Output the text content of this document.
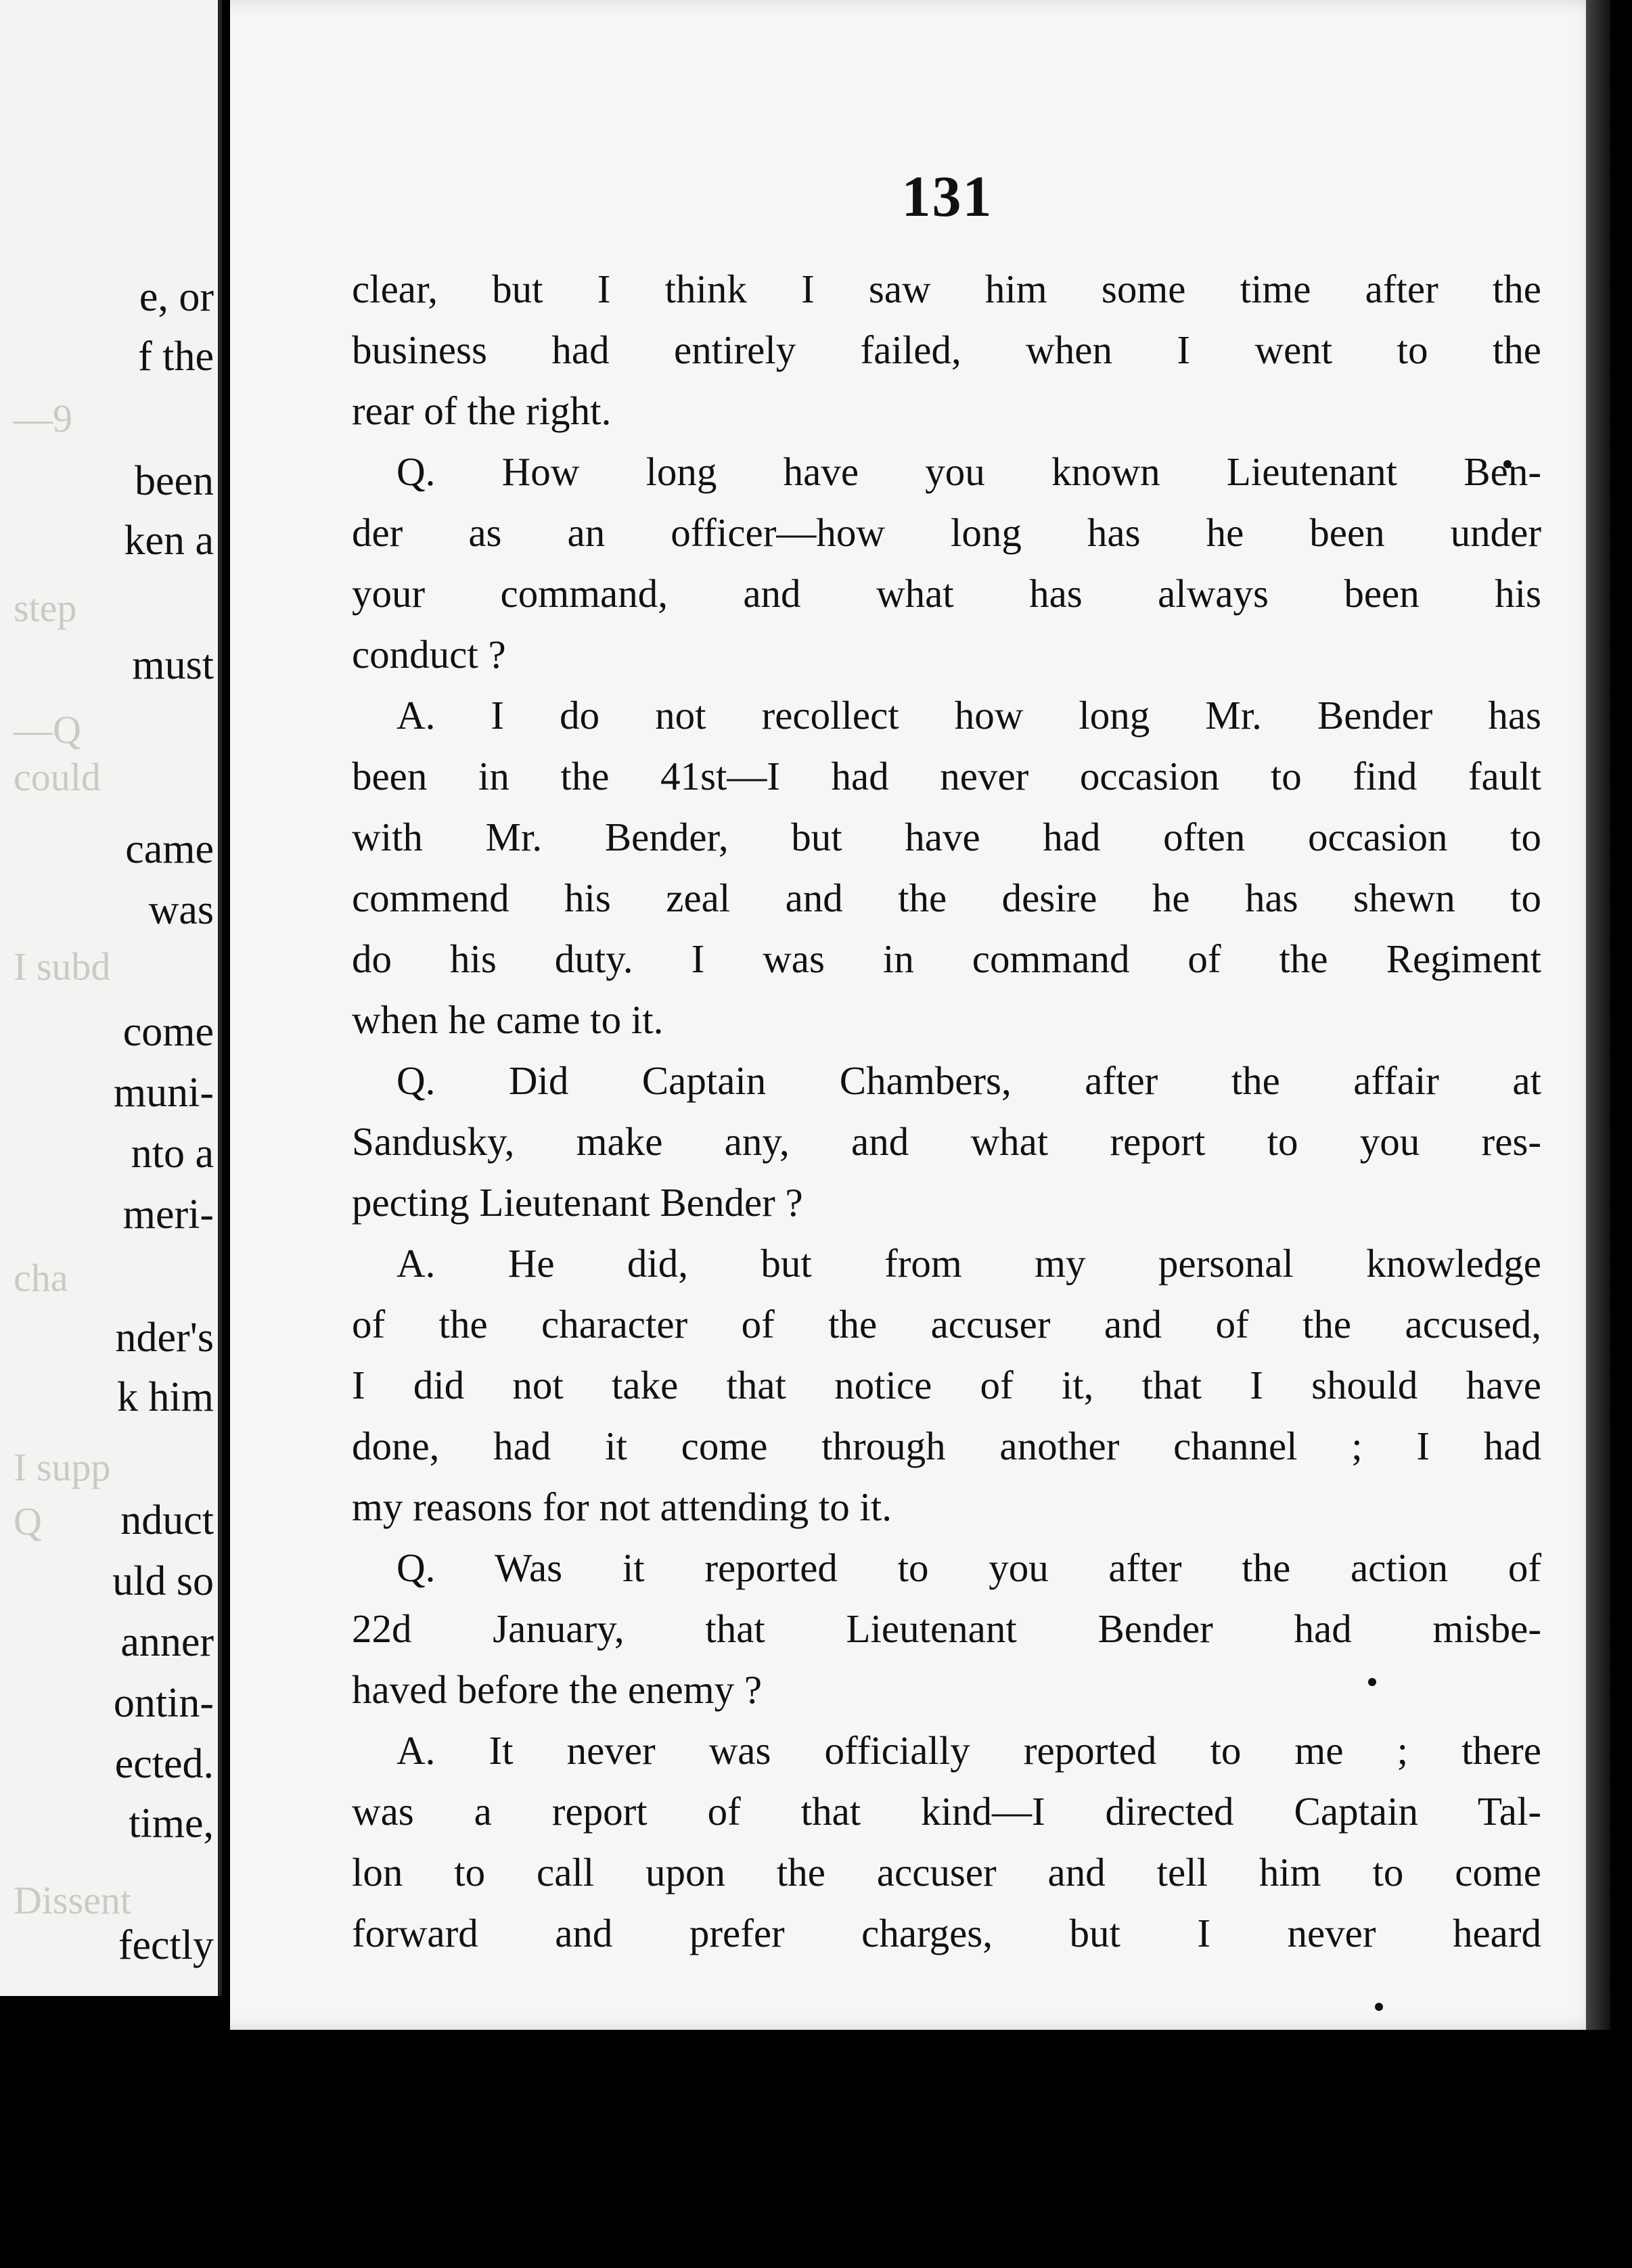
—9
step
—Q
could
I subd
cha
I supp
Q
Dissent
e, or
f the
been
ken a
must
came
was
come
muni-
nto a
meri-
nder's
k him
nduct
uld so
anner
ontin-
ected.
time,
fectly
131
clear, but I think I saw him some time after the
business had entirely failed, when I went to the
rear of the right.
Q. How long have you known Lieutenant Ben-
der as an officer—how long has he been under
your command, and what has always been his
conduct ?
A. I do not recollect how long Mr. Bender has
been in the 41st—I had never occasion to find fault
with Mr. Bender, but have had often occasion to
commend his zeal and the desire he has shewn to
do his duty. I was in command of the Regiment
when he came to it.
Q. Did Captain Chambers, after the affair at
Sandusky, make any, and what report to you res-
pecting Lieutenant Bender ?
A. He did, but from my personal knowledge
of the character of the accuser and of the accused,
I did not take that notice of it, that I should have
done, had it come through another channel ; I had
my reasons for not attending to it.
Q. Was it reported to you after the action of
22d January, that Lieutenant Bender had misbe-
haved before the enemy ?
A. It never was officially reported to me ; there
was a report of that kind—I directed Captain Tal-
lon to call upon the accuser and tell him to come
forward and prefer charges, but I never heard
